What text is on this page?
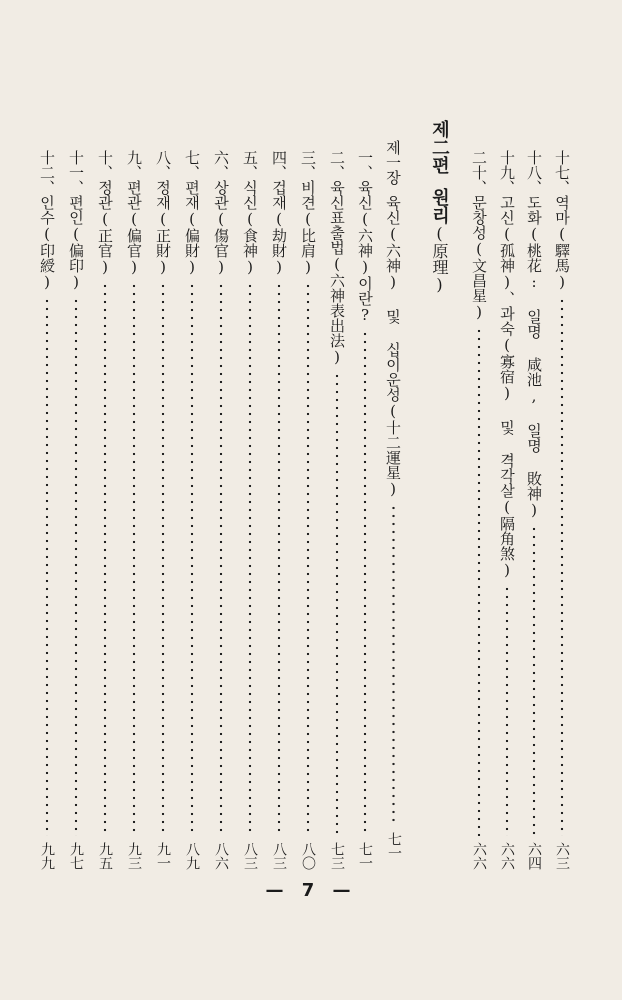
十七、
역마(驛馬)
六三
十八、
도화(桃花: 일명 咸池, 일명 敗神)
六四
十九、
고신(孤神)、과숙(寡宿) 및 격각살(隔角煞)
六六
二十、
문창성(文昌星)
六六
제二편원리(原理)
제一장
육신(六神) 및 십이운성(十二運星)
七一
一、
육신(六神)이란?
七一
二、
육신표출법(六神表出法)
七三
三、
비견(比肩)
八〇
四、
겁재(劫財)
八三
五、
식신(食神)
八三
六、
상관(傷官)
八六
七、
편재(偏財)
八九
八、
정재(正財)
九一
九、
편관(偏官)
九三
十、
정관(正官)
九五
十一、
편인(偏印)
九七
十二、
인수(印綬)
九九
— 7 —
